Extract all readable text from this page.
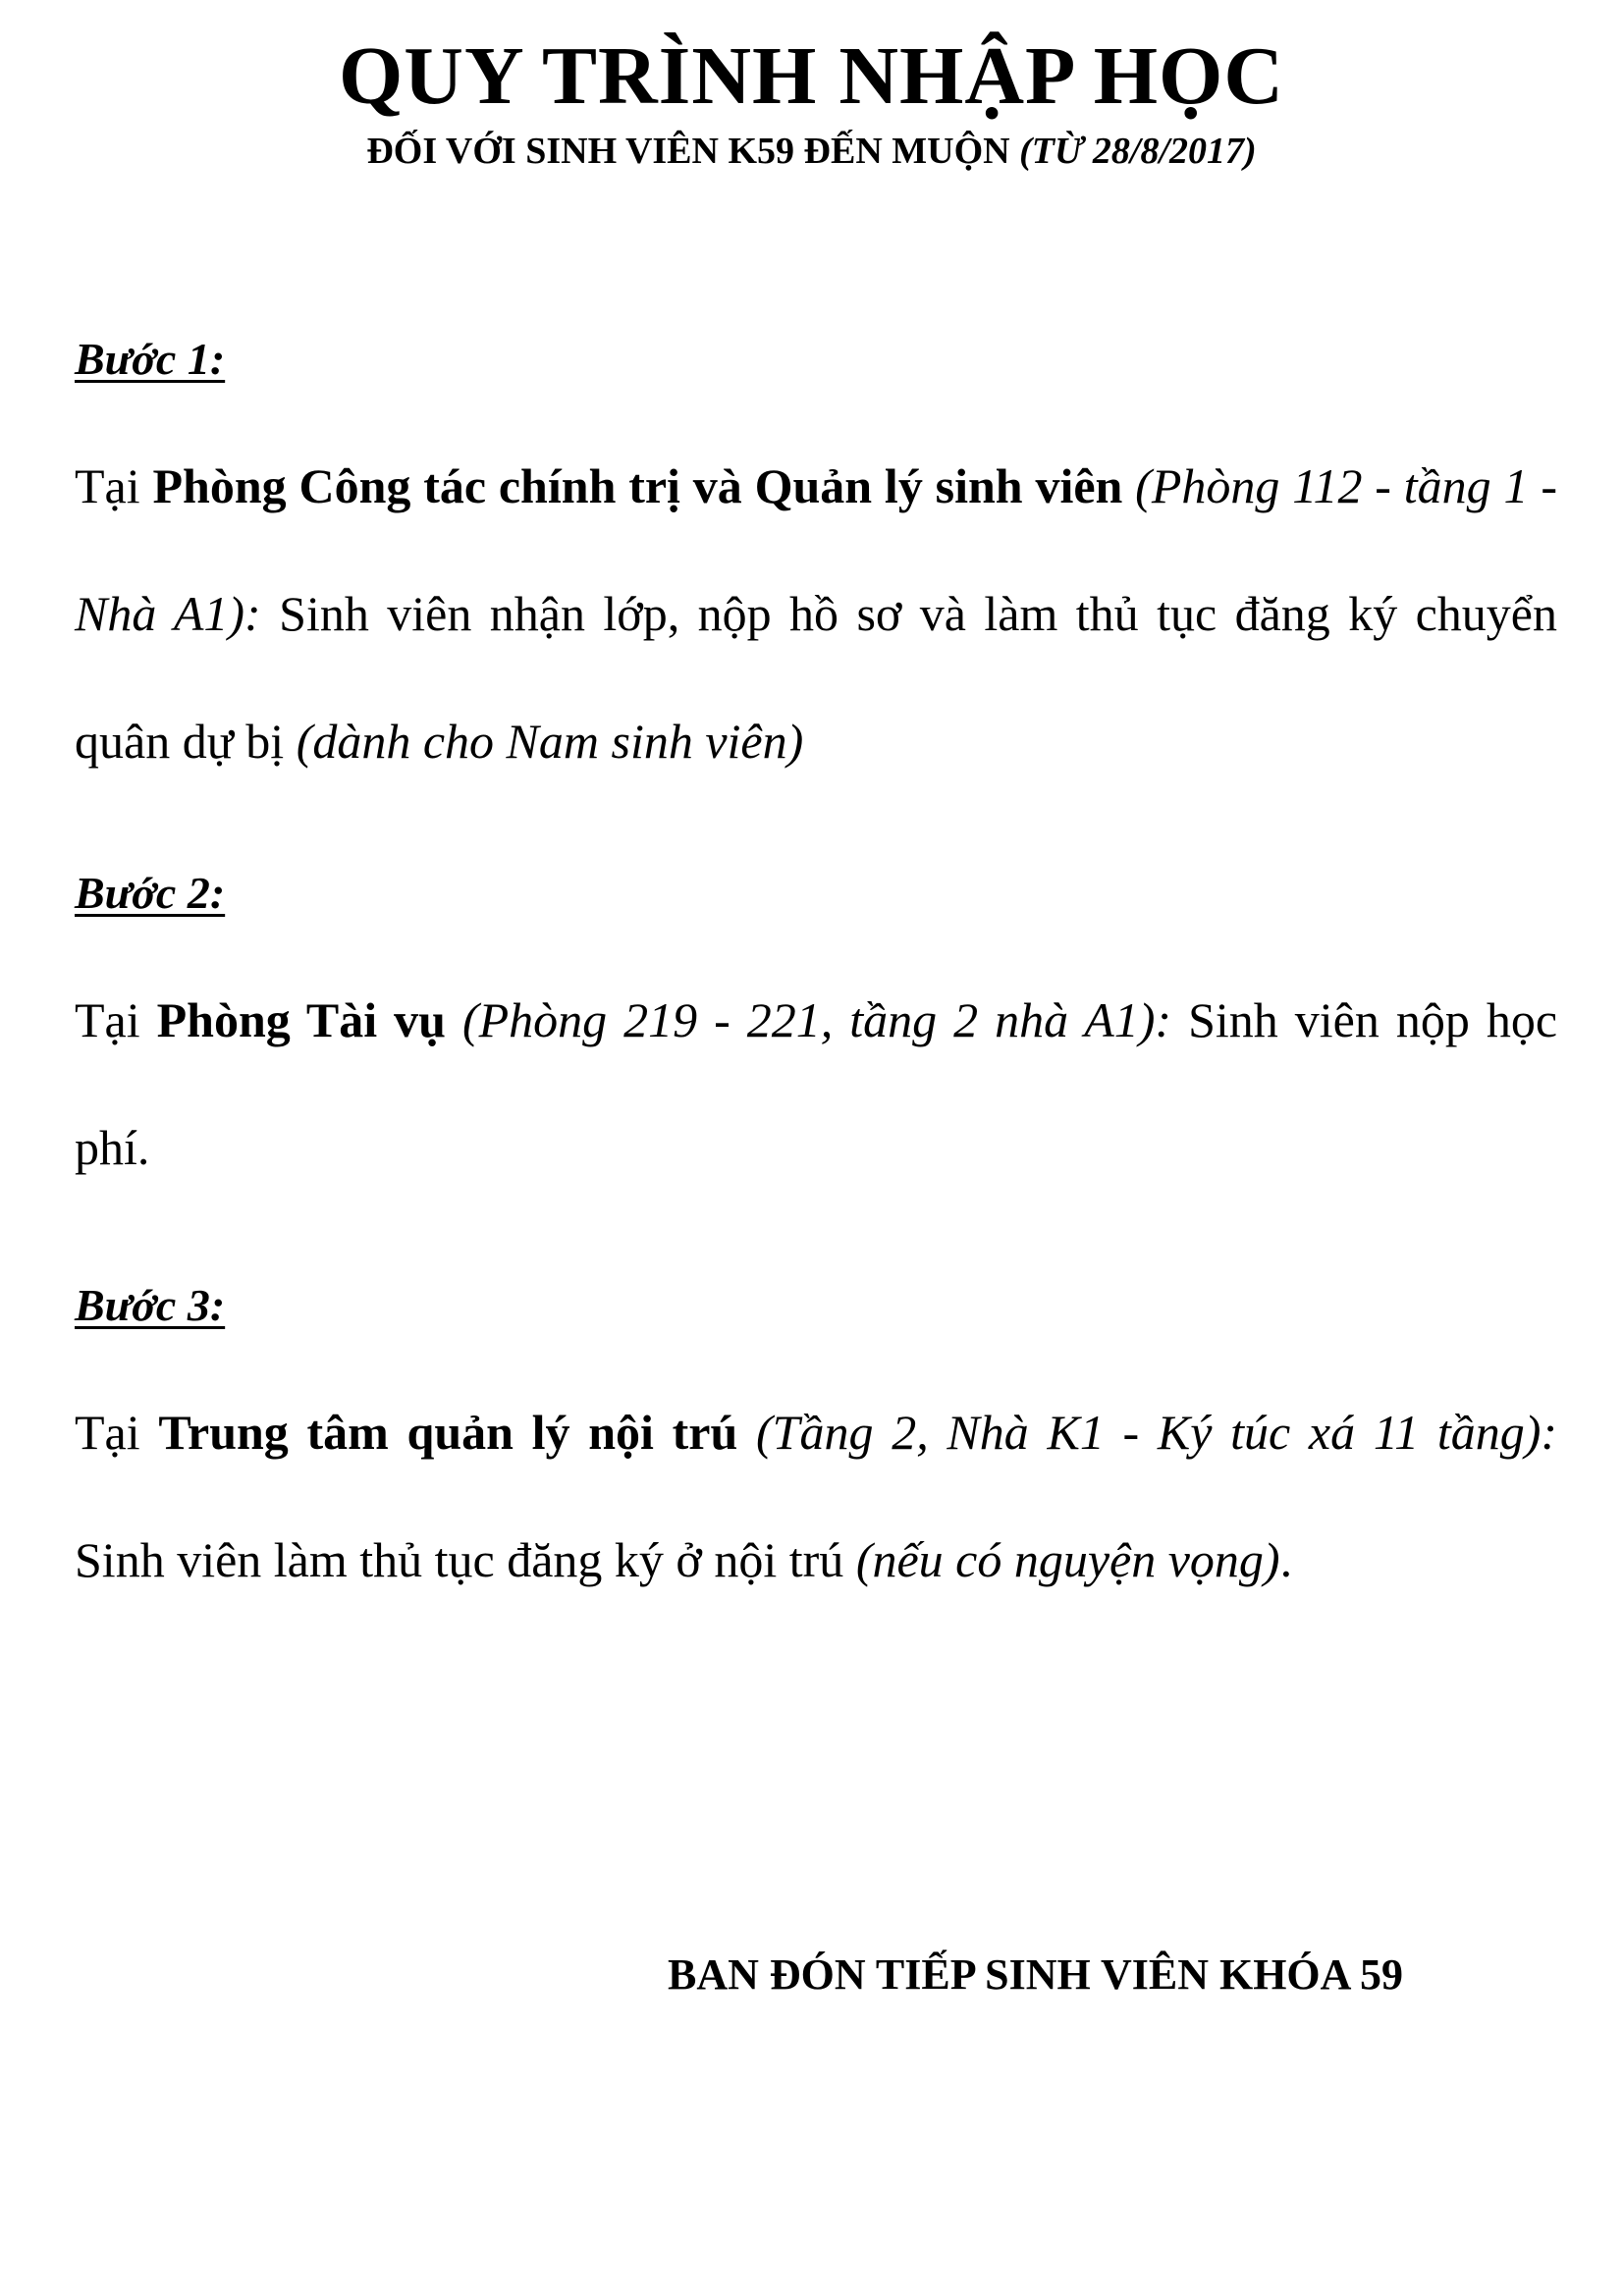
QUY TRÌNH NHẬP HỌC

ĐỐI VỚI SINH VIÊN K59 ĐẾN MUỘN (TỪ 28/8/2017)

Bước 1:

Tại Phòng Công tác chính trị và Quản lý sinh viên (Phòng 112 - tầng 1 - Nhà A1): Sinh viên nhận lớp, nộp hồ sơ và làm thủ tục đăng ký chuyển quân dự bị (dành cho Nam sinh viên)

Bước 2:

Tại Phòng Tài vụ (Phòng 219 - 221, tầng 2 nhà A1): Sinh viên nộp học phí.

Bước 3:

Tại Trung tâm quản lý nội trú (Tầng 2, Nhà K1 - Ký túc xá 11 tầng): Sinh viên làm thủ tục đăng ký ở nội trú (nếu có nguyện vọng).

BAN ĐÓN TIẾP SINH VIÊN KHÓA 59
